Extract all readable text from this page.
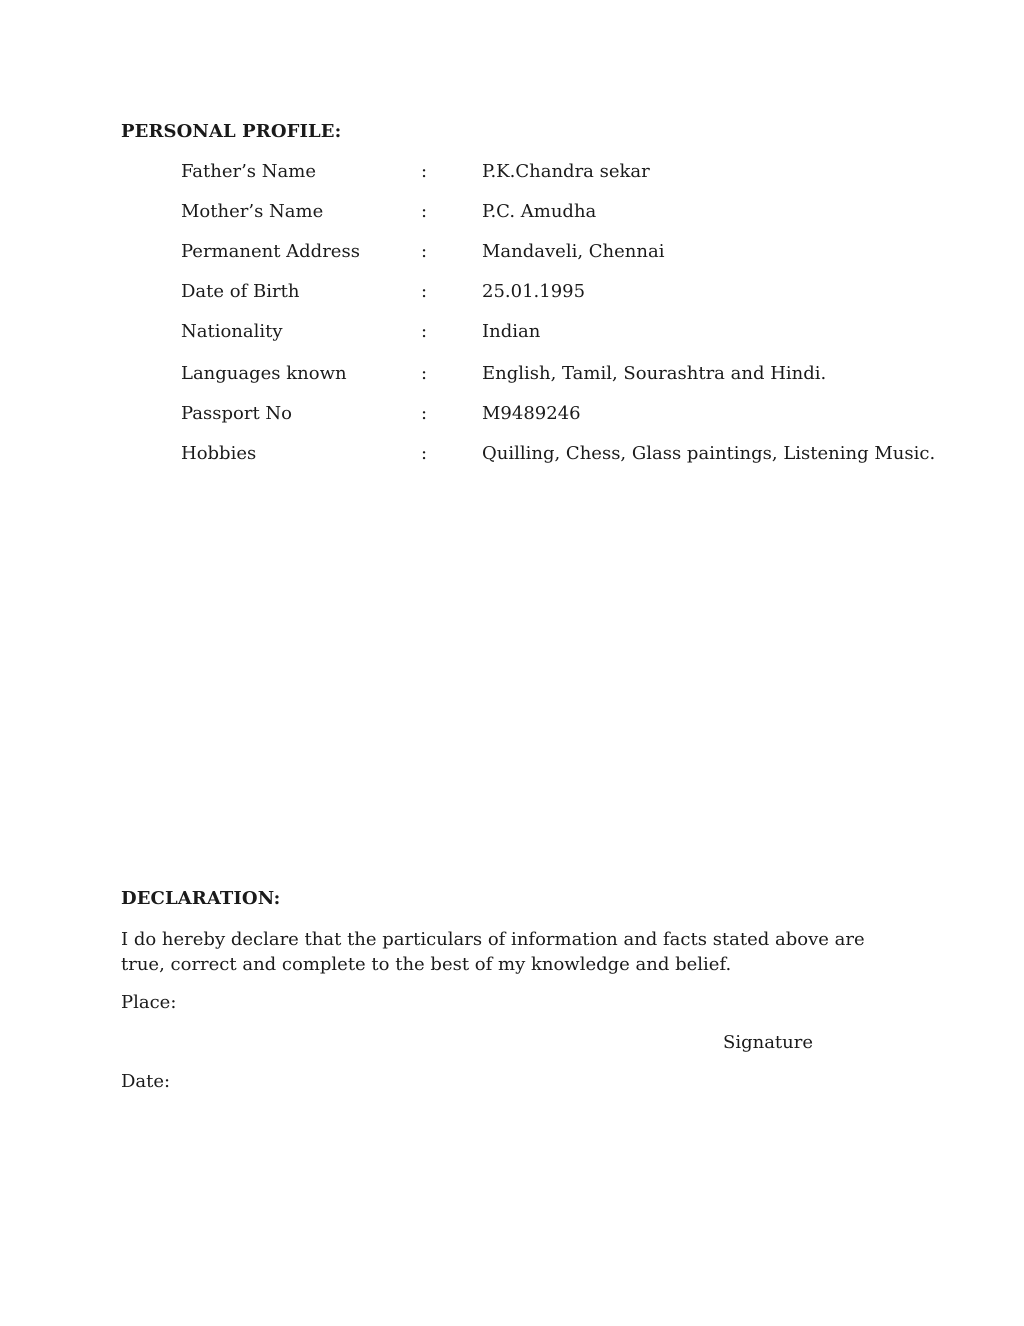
PERSONAL PROFILE:
Father’s Name	:	P.K.Chandra sekar
Mother’s Name	:	P.C. Amudha
Permanent Address	:	Mandaveli, Chennai
Date of Birth	:	25.01.1995
Nationality	:	Indian
Languages known	:	English, Tamil, Sourashtra and Hindi.
Passport No	:	M9489246
Hobbies	:	Quilling, Chess, Glass paintings, Listening Music.
DECLARATION:
I do hereby declare that the particulars of information and facts stated above are true, correct and complete to the best of my knowledge and belief.
Place:
Signature
Date:
